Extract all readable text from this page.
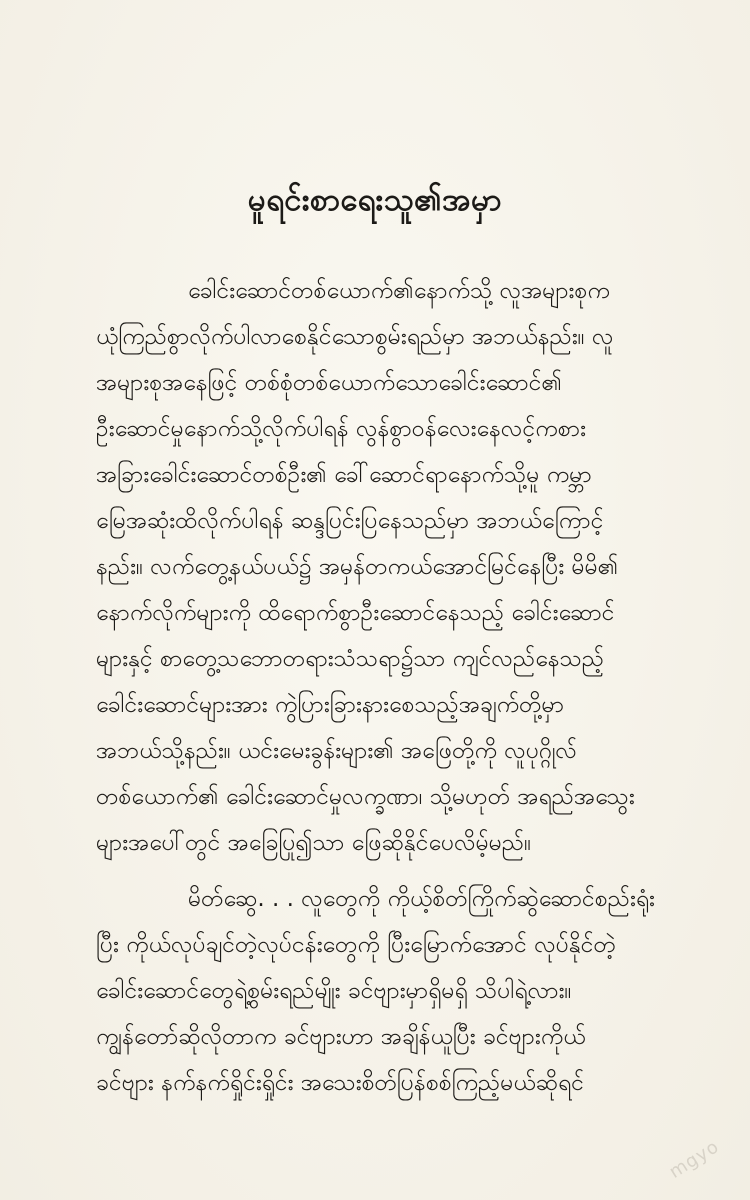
မူရင်းစာရေးသူ၏အမှာ

ခေါင်းဆောင်တစ်ယောက်၏နောက်သို့ လူအများစုက
ယုံကြည်စွာလိုက်ပါလာစေနိုင်သောစွမ်းရည်မှာ အဘယ်နည်း။ လူ
အများစုအနေဖြင့် တစ်စုံတစ်ယောက်သောခေါင်းဆောင်၏
ဦးဆောင်မှုနောက်သို့လိုက်ပါရန် လွန်စွာဝန်လေးနေလင့်ကစား
အခြားခေါင်းဆောင်တစ်ဦး၏ ခေါ်ဆောင်ရာနောက်သို့မူ ကမ္ဘာ
မြေအဆုံးထိလိုက်ပါရန် ဆန္ဒပြင်းပြနေသည်မှာ အဘယ်ကြောင့်
နည်း။ လက်တွေ့နယ်ပယ်၌ အမှန်တကယ်အောင်မြင်နေပြီး မိမိ၏
နောက်လိုက်များကို ထိရောက်စွာဦးဆောင်နေသည့် ခေါင်းဆောင်
များနှင့် စာတွေ့သဘောတရားသံသရာ၌သာ ကျင်လည်နေသည့်
ခေါင်းဆောင်များအား ကွဲပြားခြားနားစေသည့်အချက်တို့မှာ
အဘယ်သို့နည်း။ ယင်းမေးခွန်းများ၏ အဖြေတို့ကို လူပုဂ္ဂိုလ်
တစ်ယောက်၏ ခေါင်းဆောင်မှုလက္ခဏာ၊ သို့မဟုတ် အရည်အသွေး
များအပေါ်တွင် အခြေပြု၍သာ ဖြေဆိုနိုင်ပေလိမ့်မည်။

မိတ်ဆွေ. . . လူတွေကို ကိုယ့်စိတ်ကြိုက်ဆွဲဆောင်စည်းရုံး
ပြီး ကိုယ်လုပ်ချင်တဲ့လုပ်ငန်းတွေကို ပြီးမြောက်အောင် လုပ်နိုင်တဲ့
ခေါင်းဆောင်တွေရဲ့စွမ်းရည်မျိုး ခင်ဗျားမှာရှိမရှိ သိပါရဲ့လား။
ကျွန်တော်ဆိုလိုတာက ခင်ဗျားဟာ အချိန်ယူပြီး ခင်ဗျားကိုယ်
ခင်ဗျား နက်နက်ရှိုင်းရှိုင်း အသေးစိတ်ပြန်စစ်ကြည့်မယ်ဆိုရင်

mgyo
